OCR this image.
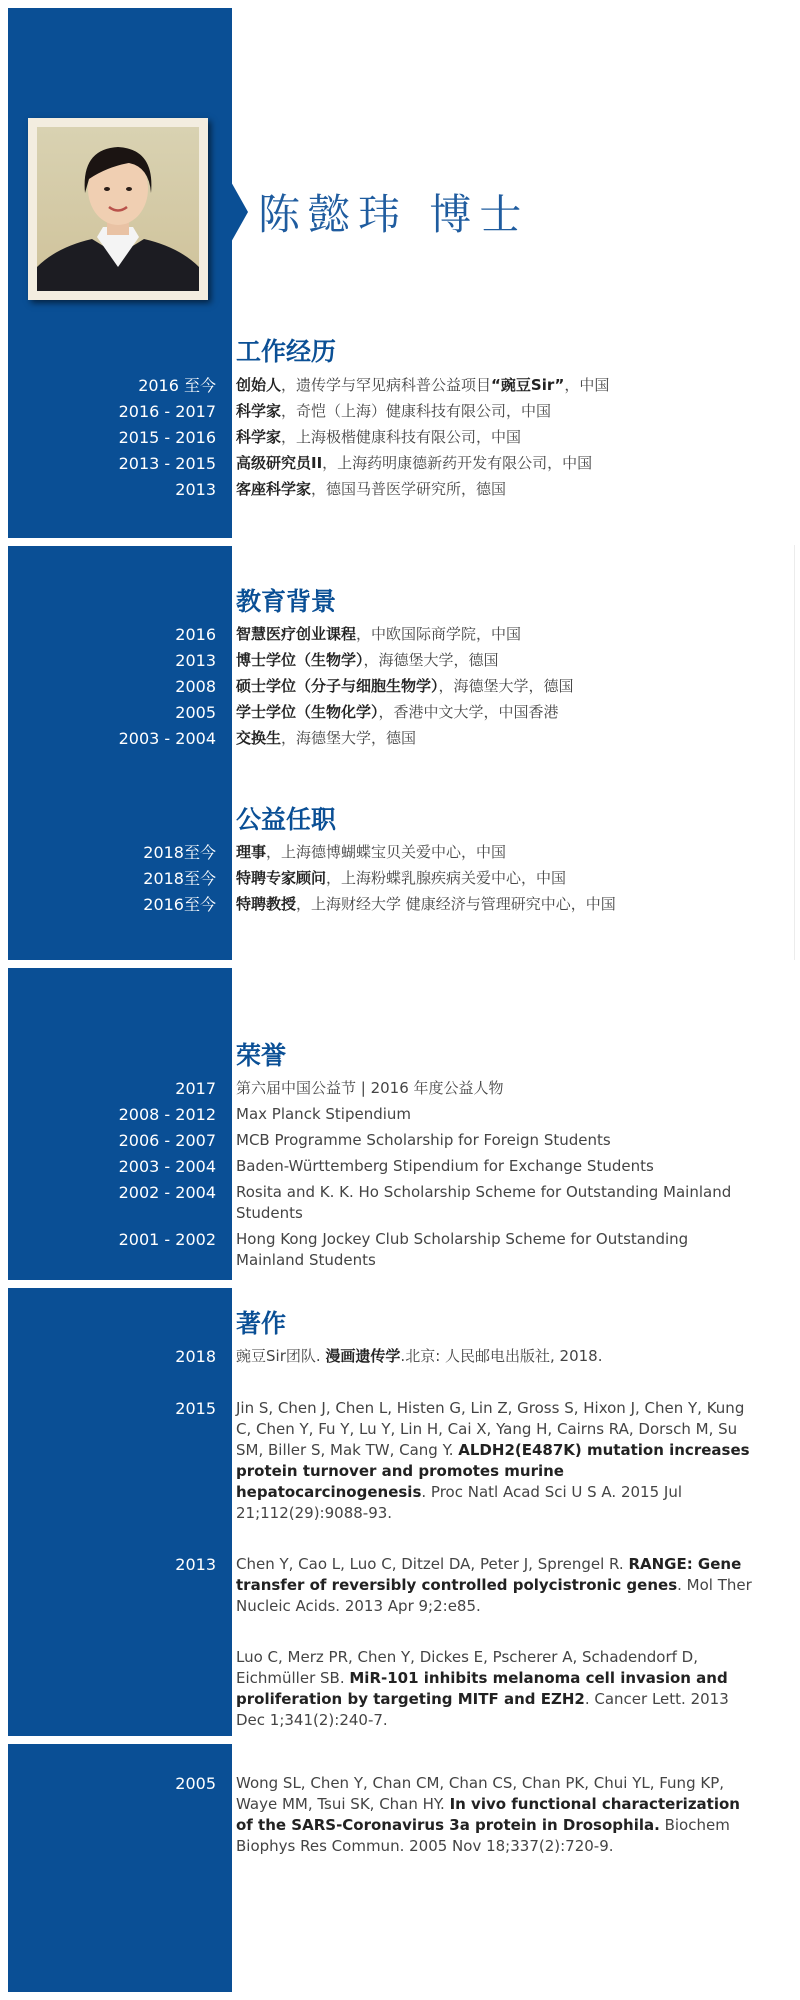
陈懿玮 博士
工作经历
2016 至今 创始人，遗传学与罕见病科普公益项目“豌豆Sir”，中国
2016 - 2017 科学家，奇恺（上海）健康科技有限公司，中国
2015 - 2016 科学家，上海极楷健康科技有限公司，中国
2013 - 2015 高级研究员II，上海药明康德新药开发有限公司，中国
2013 客座科学家，德国马普医学研究所，德国
教育背景
2016 智慧医疗创业课程，中欧国际商学院，中国
2013 博士学位（生物学），海德堡大学，德国
2008 硕士学位（分子与细胞生物学），海德堡大学，德国
2005 学士学位（生物化学），香港中文大学，中国香港
2003 - 2004 交换生，海德堡大学，德国
公益任职
2018至今 理事，上海德博蝴蝶宝贝关爱中心，中国
2018至今 特聘专家顾问，上海粉蝶乳腺疾病关爱中心，中国
2016至今 特聘教授，上海财经大学 健康经济与管理研究中心，中国
荣誉
2017 第六届中国公益节 | 2016 年度公益人物
2008 - 2012 Max Planck Stipendium
2006 - 2007 MCB Programme Scholarship for Foreign Students
2003 - 2004 Baden-Württemberg Stipendium for Exchange Students
2002 - 2004 Rosita and K. K. Ho Scholarship Scheme for Outstanding Mainland Students
2001 - 2002 Hong Kong Jockey Club Scholarship Scheme for Outstanding Mainland Students
著作
2018 豌豆Sir团队. 漫画遗传学.北京: 人民邮电出版社, 2018.
2015 Jin S, Chen J, Chen L, Histen G, Lin Z, Gross S, Hixon J, Chen Y, Kung C, Chen Y, Fu Y, Lu Y, Lin H, Cai X, Yang H, Cairns RA, Dorsch M, Su SM, Biller S, Mak TW, Cang Y. ALDH2(E487K) mutation increases protein turnover and promotes murine hepatocarcinogenesis. Proc Natl Acad Sci U S A. 2015 Jul 21;112(29):9088-93.
2013 Chen Y, Cao L, Luo C, Ditzel DA, Peter J, Sprengel R. RANGE: Gene transfer of reversibly controlled polycistronic genes. Mol Ther Nucleic Acids. 2013 Apr 9;2:e85.
Luo C, Merz PR, Chen Y, Dickes E, Pscherer A, Schadendorf D, Eichmüller SB. MiR-101 inhibits melanoma cell invasion and proliferation by targeting MITF and EZH2. Cancer Lett. 2013 Dec 1;341(2):240-7.
2005 Wong SL, Chen Y, Chan CM, Chan CS, Chan PK, Chui YL, Fung KP, Waye MM, Tsui SK, Chan HY. In vivo functional characterization of the SARS-Coronavirus 3a protein in Drosophila. Biochem Biophys Res Commun. 2005 Nov 18;337(2):720-9.
